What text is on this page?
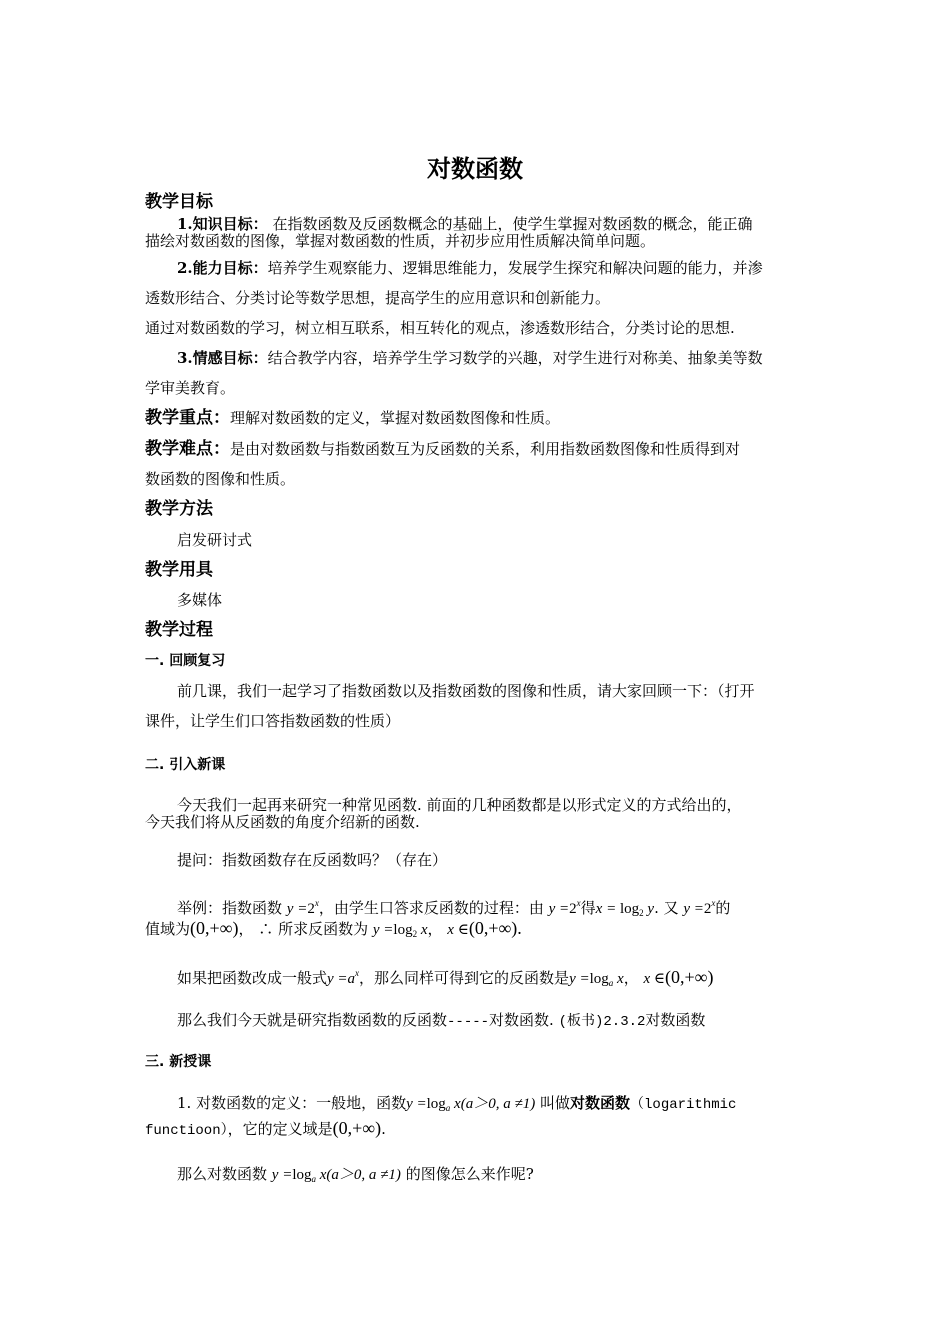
对数函数
教学目标
1.知识目标： 在指数函数及反函数概念的基础上，使学生掌握对数函数的概念，能正确
描绘对数函数的图像，掌握对数函数的性质，并初步应用性质解决简单问题。
2.能力目标：培养学生观察能力、逻辑思维能力，发展学生探究和解决问题的能力，并渗
透数形结合、分类讨论等数学思想，提高学生的应用意识和创新能力。
通过对数函数的学习，树立相互联系，相互转化的观点，渗透数形结合，分类讨论的思想.
3.情感目标：结合教学内容，培养学生学习数学的兴趣，对学生进行对称美、抽象美等数
学审美教育。
教学重点：理解对数函数的定义，掌握对数函数图像和性质。
教学难点：是由对数函数与指数函数互为反函数的关系，利用指数函数图像和性质得到对
数函数的图像和性质。
教学方法
启发研讨式
教学用具
多媒体
教学过程
一. 回顾复习
前几课，我们一起学习了指数函数以及指数函数的图像和性质，请大家回顾一下：（打开
课件，让学生们口答指数函数的性质）
二. 引入新课
今天我们一起再来研究一种常见函数. 前面的几种函数都是以形式定义的方式给出的，
今天我们将从反函数的角度介绍新的函数.
提问：指数函数存在反函数吗？（存在）
举例：指数函数 $y =2^x$，由学生口答求反函数的过程：由 $y =2^x$得$x = \log_2 y$. 又 $y =2^x$的
值域为(0,+∞)， ∴ 所求反函数为 $y =\log_2$ x， x ∈(0,+∞).
如果把函数改成一般式$y =a^x$，那么同样可得到它的反函数是$y =\log_a$ x， x ∈(0,+∞)
那么我们今天就是研究指数函数的反函数-----对数函数. (板书)2.3.2对数函数
三. 新授课
1. 对数函数的定义：一般地，函数$y =\log_a$ x(a＞0, a ≠1) 叫做对数函数（logarithmic
functioon），它的定义域是(0,+∞).
那么对数函数 $y =\log_a$ x(a＞0, a ≠1) 的图像怎么来作呢?
